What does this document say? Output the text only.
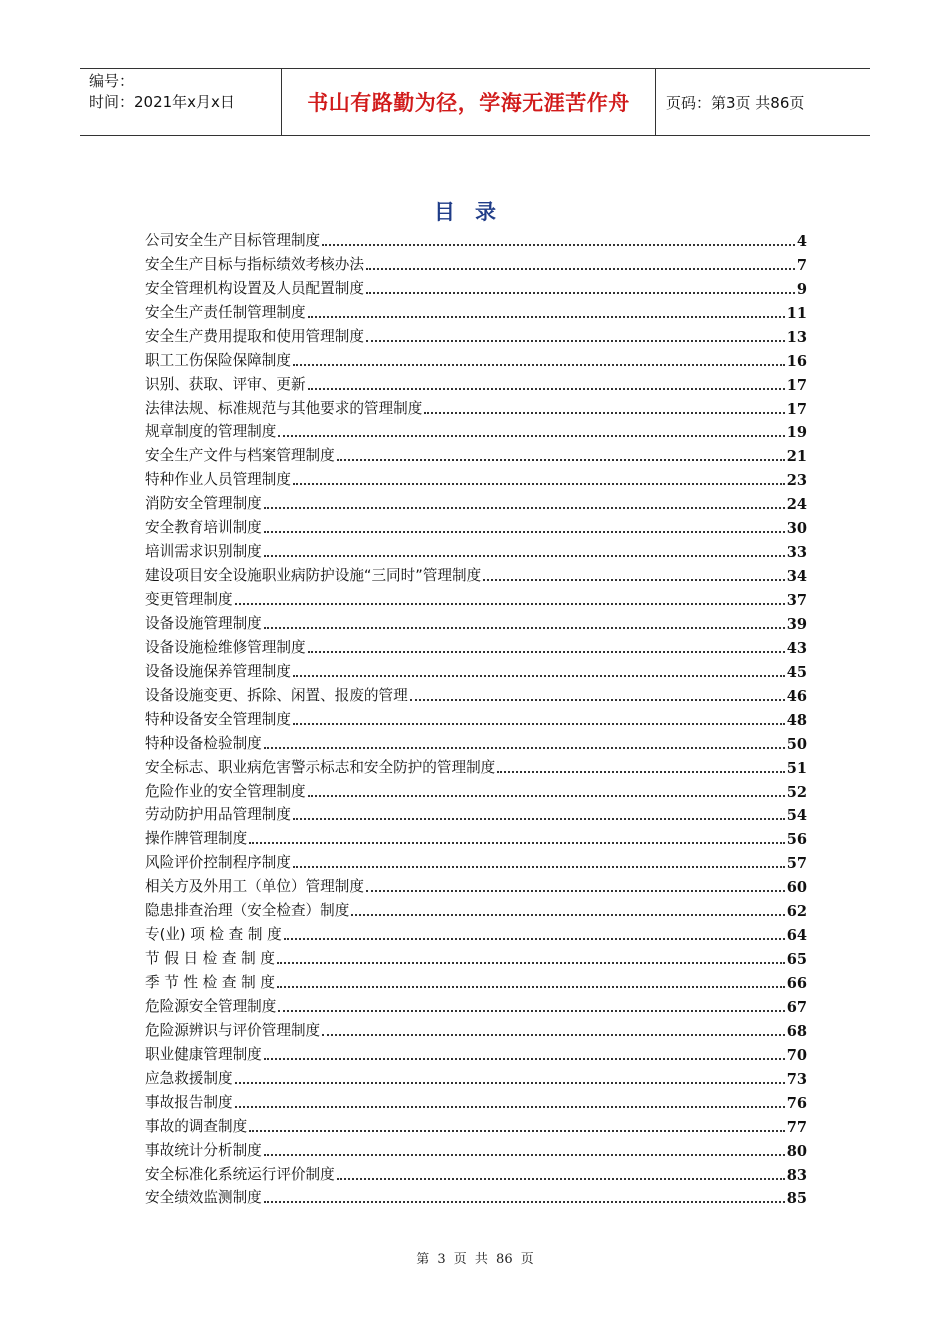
编号：
时间：2021年x月x日	书山有路勤为径，学海无涯苦作舟	页码：第3页 共86页
目录
公司安全生产目标管理制度	4
安全生产目标与指标绩效考核办法	7
安全管理机构设置及人员配置制度	9
安全生产责任制管理制度	11
安全生产费用提取和使用管理制度	13
职工工伤保险保障制度	16
识别、获取、评审、更新	17
法律法规、标准规范与其他要求的管理制度	17
规章制度的管理制度	19
安全生产文件与档案管理制度	21
特种作业人员管理制度	23
消防安全管理制度	24
安全教育培训制度	30
培训需求识别制度	33
建设项目安全设施职业病防护设施“三同时”管理制度	34
变更管理制度	37
设备设施管理制度	39
设备设施检维修管理制度	43
设备设施保养管理制度	45
设备设施变更、拆除、闲置、报废的管理	46
特种设备安全管理制度	48
特种设备检验制度	50
安全标志、职业病危害警示标志和安全防护的管理制度	51
危险作业的安全管理制度	52
劳动防护用品管理制度	54
操作牌管理制度	56
风险评价控制程序制度	57
相关方及外用工（单位）管理制度	60
隐患排查治理（安全检查）制度	62
专(业) 项 检 查 制 度	64
节 假 日 检 查 制 度	65
季 节 性 检 查 制 度	66
危险源安全管理制度	67
危险源辨识与评价管理制度	68
职业健康管理制度	70
应急救援制度	73
事故报告制度	76
事故的调查制度	77
事故统计分析制度	80
安全标准化系统运行评价制度	83
安全绩效监测制度	85
第 3 页 共 86 页
